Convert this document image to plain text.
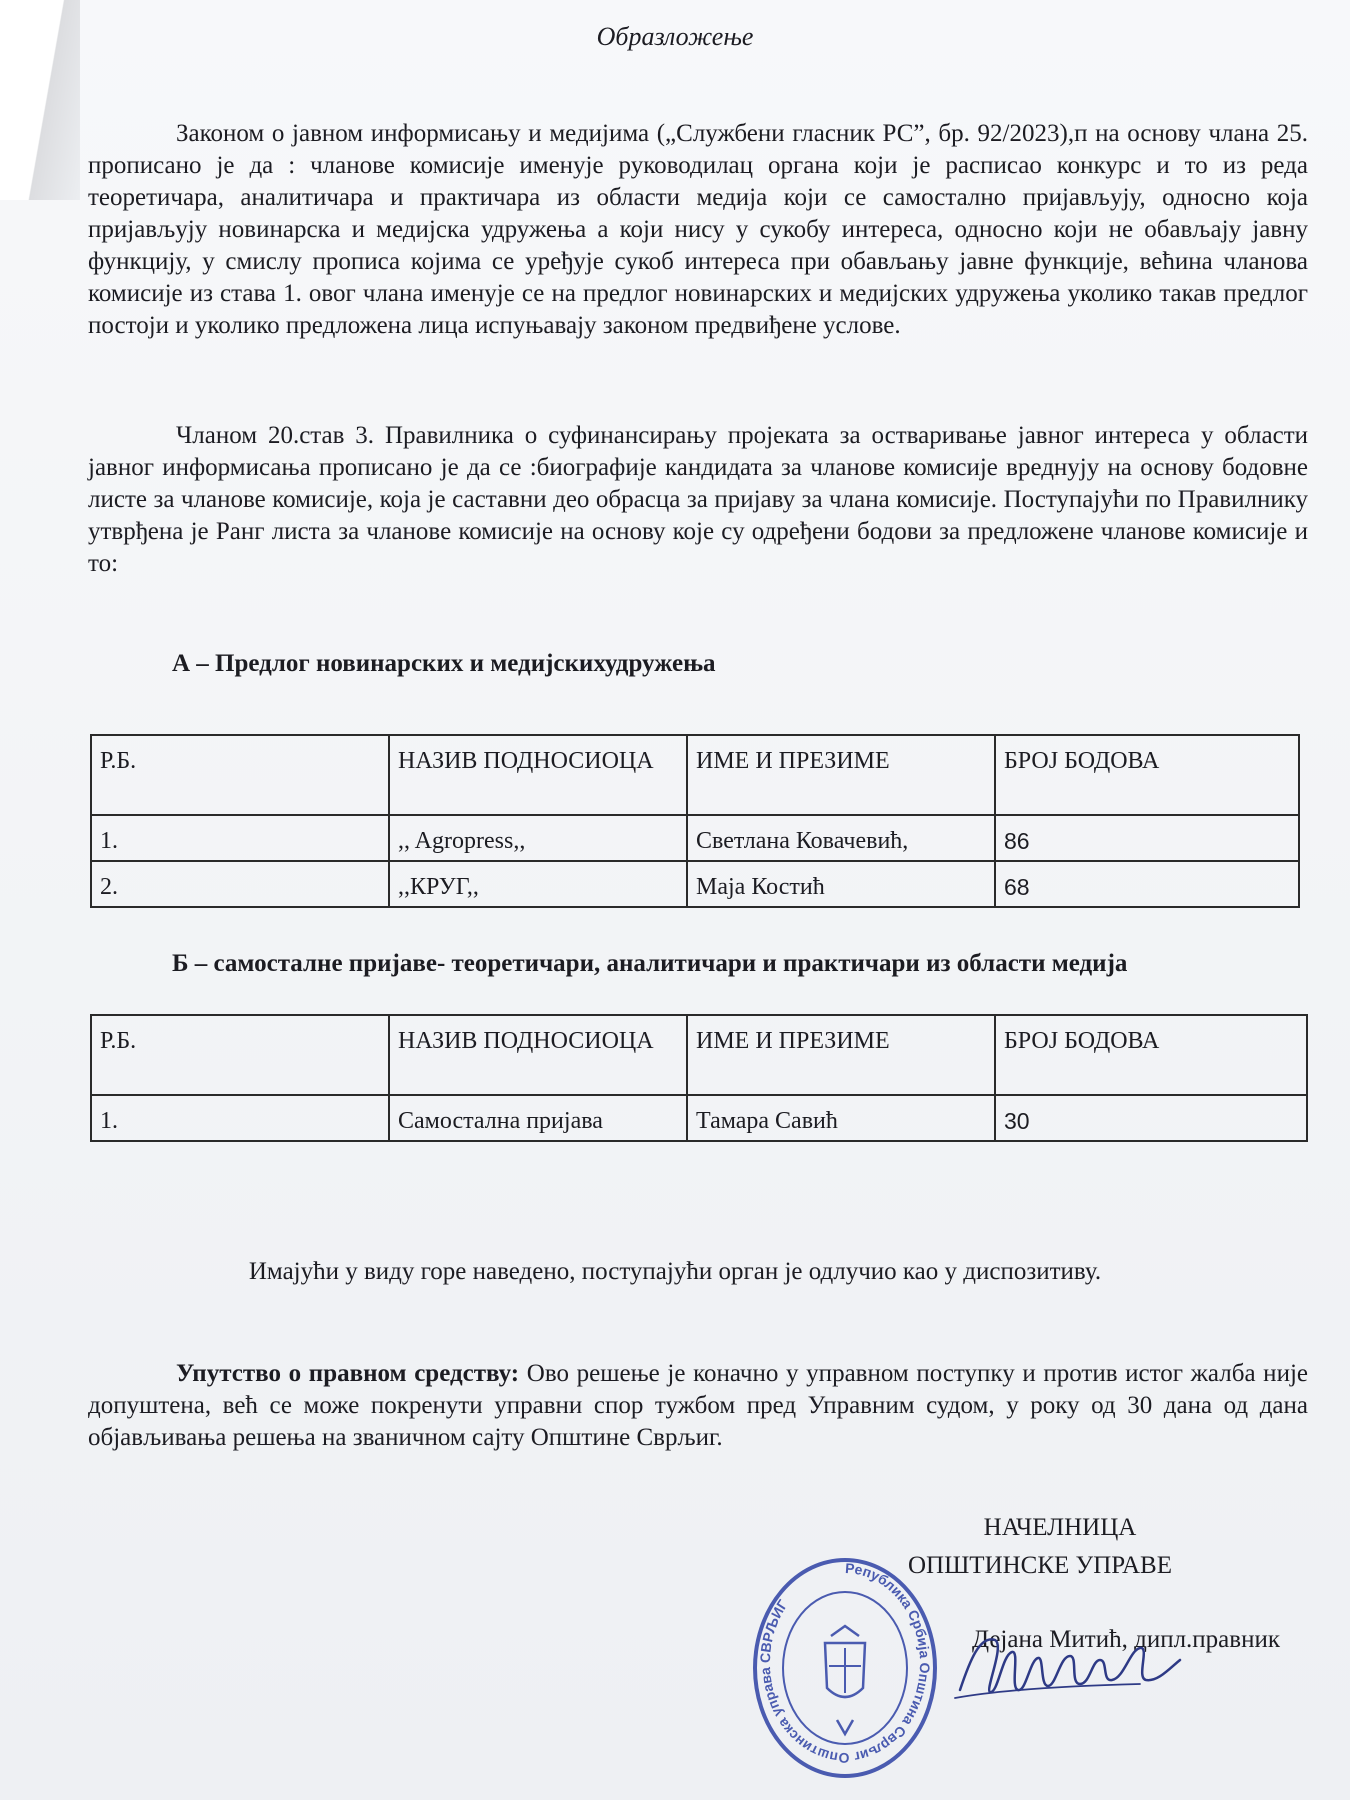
Образложење
Законом о јавном информисању и медијима („Службени гласник РС”, бр. 92/2023),п на основу члана 25. прописано је да : чланове комисије именује руководилац органа који је расписао конкурс и то из реда теоретичара, аналитичара и практичара из области медија који се самостално пријављују, односно која пријављују новинарска и медијска удружења а који нису у сукобу интереса, односно који не обављају јавну функцију, у смислу прописа којима се уређује сукоб интереса при обављању јавне функције, већина чланова комисије из става 1. овог члана именује се на предлог новинарских и медијских удружења уколико такав предлог постоји и уколико предложена лица испуњавају законом предвиђене услове.
Чланом 20.став 3. Правилника о суфинансирању пројеката за остваривање јавног интереса у области јавног информисања прописано је да се :биографије кандидата за чланове комисије вреднују на основу бодовне листе за чланове комисије, која је саставни део обрасца за пријаву за члана комисије. Поступајући по Правилнику утврђена је Ранг листа за чланове комисије на основу које су одређени бодови за предложене чланове комисије и то:
А – Предлог новинарских и медијскихудружења
Р.Б.	НАЗИВ ПОДНОСИОЦА	ИМЕ И ПРЕЗИМЕ	БРОЈ БОДОВА
1.	,, Agropress,,	Светлана Ковачевић,	86
2.	,,КРУГ,,	Маја Костић	68
Б – самосталне пријаве- теоретичари, аналитичари и практичари из области медија
Р.Б.	НАЗИВ ПОДНОСИОЦА	ИМЕ И ПРЕЗИМЕ	БРОЈ БОДОВА
1.	Самостална пријава	Тамара Савић	30
Имајући у виду горе наведено, поступајући орган је одлучио као у диспозитиву.
Упутство о правном средству: Ово решење је коначно у управном поступку и против истог жалба није допуштена, већ се може покренути управни спор тужбом пред Управним судом, у року од 30 дана од дана објављивања решења на званичном сајту Општине Сврљиг.
НАЧЕЛНИЦА
ОПШТИНСКЕ УПРАВЕ
Дејана Митић, дипл.правник
Република Србија Општина Сврљиг Општинска управа СВРЉИГ
